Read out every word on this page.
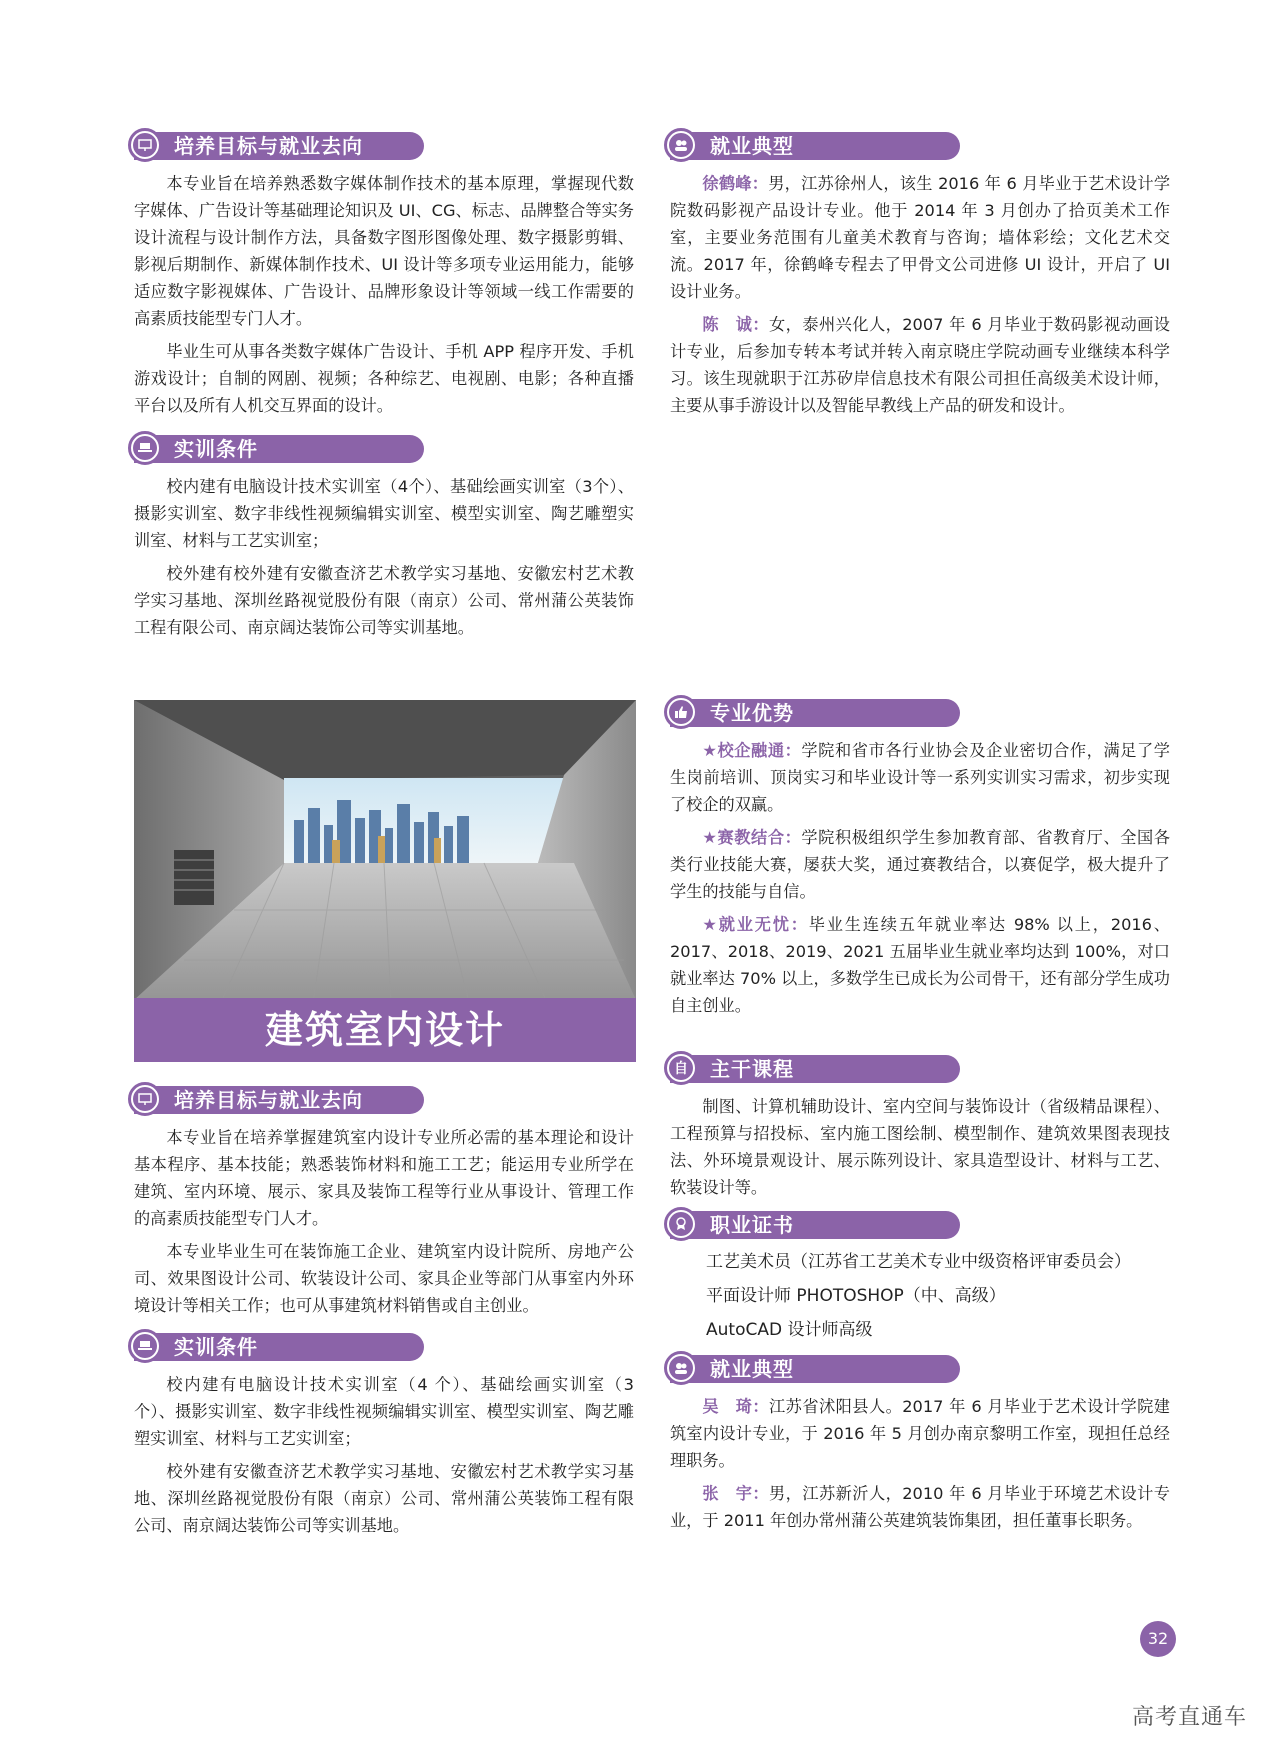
培养目标与就业去向

本专业旨在培养熟悉数字媒体制作技术的基本原理，掌握现代数字媒体、广告设计等基础理论知识及 UI、CG、标志、品牌整合等实务设计流程与设计制作方法，具备数字图形图像处理、数字摄影剪辑、影视后期制作、新媒体制作技术、UI 设计等多项专业运用能力，能够适应数字影视媒体、广告设计、品牌形象设计等领域一线工作需要的高素质技能型专门人才。

毕业生可从事各类数字媒体广告设计、手机 APP 程序开发、手机游戏设计；自制的网剧、视频；各种综艺、电视剧、电影；各种直播平台以及所有人机交互界面的设计。

实训条件

校内建有电脑设计技术实训室（4个）、基础绘画实训室（3个）、摄影实训室、数字非线性视频编辑实训室、模型实训室、陶艺雕塑实训室、材料与工艺实训室；

校外建有校外建有安徽查济艺术教学实习基地、安徽宏村艺术教学实习基地、深圳丝路视觉股份有限（南京）公司、常州蒲公英装饰工程有限公司、南京阔达装饰公司等实训基地。

就业典型

徐鹤峰：男，江苏徐州人，该生 2016 年 6 月毕业于艺术设计学院数码影视产品设计专业。他于 2014 年 3 月创办了拾页美术工作室，主要业务范围有儿童美术教育与咨询；墙体彩绘；文化艺术交流。2017 年，徐鹤峰专程去了甲骨文公司进修 UI 设计，开启了 UI 设计业务。

陈　诚：女，泰州兴化人，2007 年 6 月毕业于数码影视动画设计专业，后参加专转本考试并转入南京晓庄学院动画专业继续本科学习。该生现就职于江苏矽岸信息技术有限公司担任高级美术设计师，主要从事手游设计以及智能早教线上产品的研发和设计。

建筑室内设计
培养目标与就业去向

本专业旨在培养掌握建筑室内设计专业所必需的基本理论和设计基本程序、基本技能；熟悉装饰材料和施工工艺；能运用专业所学在建筑、室内环境、展示、家具及装饰工程等行业从事设计、管理工作的高素质技能型专门人才。

本专业毕业生可在装饰施工企业、建筑室内设计院所、房地产公司、效果图设计公司、软装设计公司、家具企业等部门从事室内外环境设计等相关工作；也可从事建筑材料销售或自主创业。

实训条件

校内建有电脑设计技术实训室（4 个）、基础绘画实训室（3 个）、摄影实训室、数字非线性视频编辑实训室、模型实训室、陶艺雕塑实训室、材料与工艺实训室；

校外建有安徽查济艺术教学实习基地、安徽宏村艺术教学实习基地、深圳丝路视觉股份有限（南京）公司、常州蒲公英装饰工程有限公司、南京阔达装饰公司等实训基地。

专业优势

★校企融通：学院和省市各行业协会及企业密切合作，满足了学生岗前培训、顶岗实习和毕业设计等一系列实训实习需求，初步实现了校企的双赢。

★赛教结合：学院积极组织学生参加教育部、省教育厅、全国各类行业技能大赛，屡获大奖，通过赛教结合，以赛促学，极大提升了学生的技能与自信。

★就业无忧：毕业生连续五年就业率达 98% 以上，2016、2017、2018、2019、2021 五届毕业生就业率均达到 100%，对口就业率达 70% 以上，多数学生已成长为公司骨干，还有部分学生成功自主创业。

自 主干课程

制图、计算机辅助设计、室内空间与装饰设计（省级精品课程）、工程预算与招投标、室内施工图绘制、模型制作、建筑效果图表现技法、外环境景观设计、展示陈列设计、家具造型设计、材料与工艺、软装设计等。

职业证书
工艺美术员（江苏省工艺美术专业中级资格评审委员会）
平面设计师 PHOTOSHOP（中、高级）
AutoCAD 设计师高级
就业典型

吴　琦：江苏省沭阳县人。2017 年 6 月毕业于艺术设计学院建筑室内设计专业，于 2016 年 5 月创办南京黎明工作室，现担任总经理职务。

张　宇：男，江苏新沂人，2010 年 6 月毕业于环境艺术设计专业，于 2011 年创办常州蒲公英建筑装饰集团，担任董事长职务。

32
高考直通车
